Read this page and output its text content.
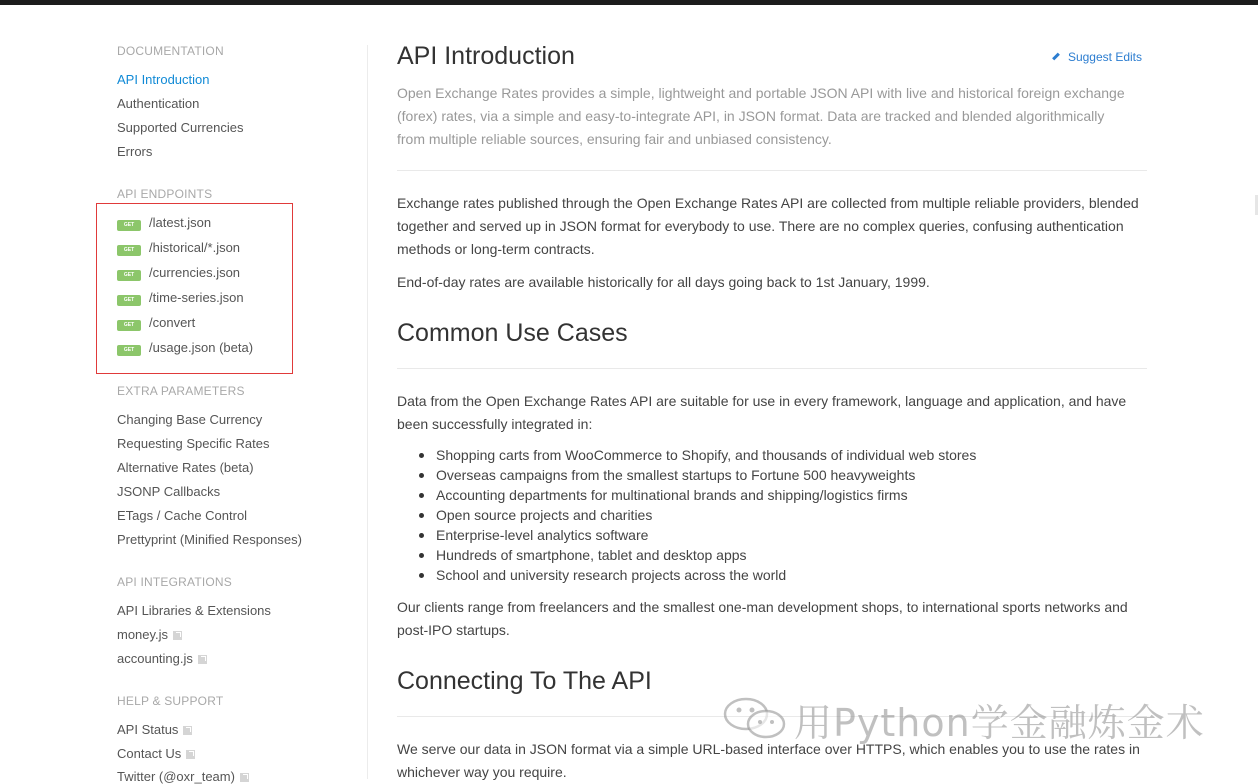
DOCUMENTATION
API Introduction
Authentication
Supported Currencies
Errors
API ENDPOINTS
GET /latest.json
GET /historical/*.json
GET /currencies.json
GET /time-series.json
GET /convert
GET /usage.json (beta)
EXTRA PARAMETERS
Changing Base Currency
Requesting Specific Rates
Alternative Rates (beta)
JSONP Callbacks
ETags / Cache Control
Prettyprint (Minified Responses)
API INTEGRATIONS
API Libraries & Extensions
money.js
accounting.js
HELP & SUPPORT
API Status
Contact Us
Twitter (@oxr_team)
API Introduction	Suggest Edits

Open Exchange Rates provides a simple, lightweight and portable JSON API with live and historical foreign exchange (forex) rates, via a simple and easy-to-integrate API, in JSON format. Data are tracked and blended algorithmically from multiple reliable sources, ensuring fair and unbiased consistency.

Exchange rates published through the Open Exchange Rates API are collected from multiple reliable providers, blended together and served up in JSON format for everybody to use. There are no complex queries, confusing authentication methods or long-term contracts.

End-of-day rates are available historically for all days going back to 1st January, 1999.

Common Use Cases

Data from the Open Exchange Rates API are suitable for use in every framework, language and application, and have been successfully integrated in:

Shopping carts from WooCommerce to Shopify, and thousands of individual web stores
Overseas campaigns from the smallest startups to Fortune 500 heavyweights
Accounting departments for multinational brands and shipping/logistics firms
Open source projects and charities
Enterprise-level analytics software
Hundreds of smartphone, tablet and desktop apps
School and university research projects across the world

Our clients range from freelancers and the smallest one-man development shops, to international sports networks and post-IPO startups.

Connecting To The API

We serve our data in JSON format via a simple URL-based interface over HTTPS, which enables you to use the rates in whichever way you require.

用Python学金融炼金术
